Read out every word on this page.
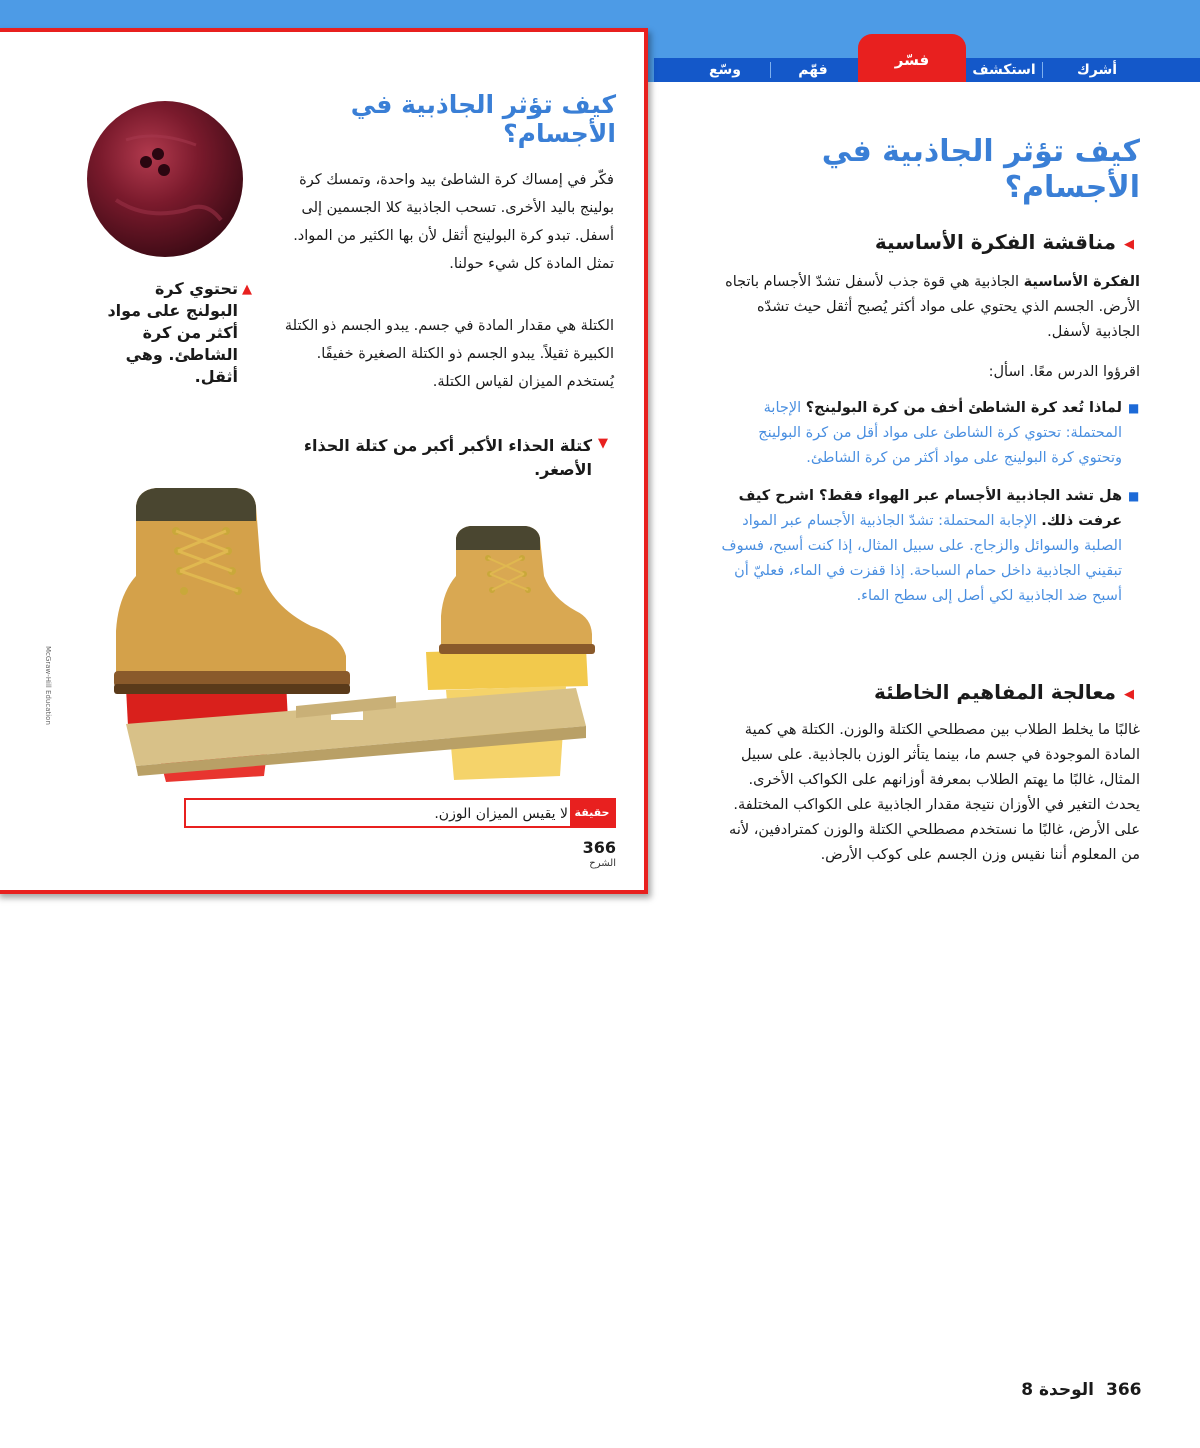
أشرك
استكشف
فسّر
فهّم
وسّع
كيف تؤثر الجاذبية في الأجسام؟
فكّر في إمساك كرة الشاطئ بيد واحدة، وتمسك كرة بولينج باليد الأخرى. تسحب الجاذبية كلا الجسمين إلى أسفل. تبدو كرة البولينج أثقل لأن بها الكثير من المواد. تمثل المادة كل شيء حولنا.
الكتلة هي مقدار المادة في جسم. يبدو الجسم ذو الكتلة الكبيرة ثقيلاً. يبدو الجسم ذو الكتلة الصغيرة خفيفًا. يُستخدم الميزان لقياس الكتلة.
▲
تحتوي كرة البولنج على مواد أكثر من كرة الشاطئ. وهي أثقل.
▼
كتلة الحذاء الأكبر أكبر من كتلة الحذاء الأصغر.
McGraw-Hill Education
لا يقيس الميزان الوزن. حقيقة
366
الشرح
كيف تؤثر الجاذبية في الأجسام؟
◀
مناقشة الفكرة الأساسية
الفكرة الأساسية الجاذبية هي قوة جذب لأسفل تشدّ الأجسام باتجاه الأرض. الجسم الذي يحتوي على مواد أكثر يُصبح أثقل حيث تشدّه الجاذبية لأسفل.
اقرؤوا الدرس معًا. اسأل:
■
لماذا تُعد كرة الشاطئ أخف من كرة البولينج؟ الإجابة المحتملة: تحتوي كرة الشاطئ على مواد أقل من كرة البولينج وتحتوي كرة البولينج على مواد أكثر من كرة الشاطئ.
■
هل تشد الجاذبية الأجسام عبر الهواء فقط؟ اشرح كيف عرفت ذلك. الإجابة المحتملة: تشدّ الجاذبية الأجسام عبر المواد الصلبة والسوائل والزجاج. على سبيل المثال، إذا كنت أسبح، فسوف تبقيني الجاذبية داخل حمام السباحة. إذا قفزت في الماء، فعليّ أن أسبح ضد الجاذبية لكي أصل إلى سطح الماء.
◀
معالجة المفاهيم الخاطئة
غالبًا ما يخلط الطلاب بين مصطلحي الكتلة والوزن. الكتلة هي كمية المادة الموجودة في جسم ما، بينما يتأثر الوزن بالجاذبية. على سبيل المثال، غالبًا ما يهتم الطلاب بمعرفة أوزانهم على الكواكب الأخرى. يحدث التغير في الأوزان نتيجة مقدار الجاذبية على الكواكب المختلفة. على الأرض، غالبًا ما نستخدم مصطلحي الكتلة والوزن كمترادفين، لأنه من المعلوم أننا نقيس وزن الجسم على كوكب الأرض.
366
الوحدة 8
